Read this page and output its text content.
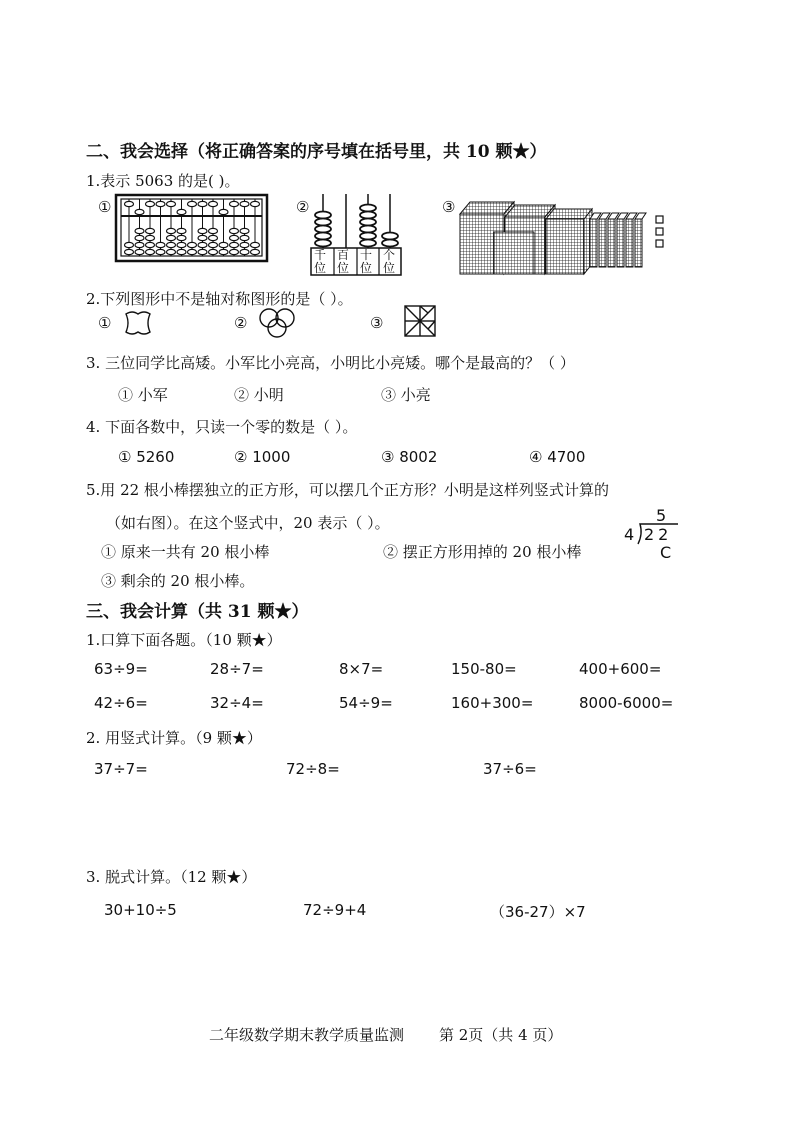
二、我会选择（将正确答案的序号填在括号里，共 10 颗★）
1.表示 5063 的是( )。
①	②
千位
百位
十位
个位
③
2.下列图形中不是轴对称图形的是（ ）。
①	②	③
3. 三位同学比高矮。小军比小亮高，小明比小亮矮。哪个是最高的？（ ）
① 小军	② 小明	③ 小亮
4. 下面各数中，只读一个零的数是（ ）。
① 5260	② 1000	③ 8002	④ 4700
5.用 22 根小棒摆独立的正方形，可以摆几个正方形？小明是这样列竖式计算的
（如右图）。在这个竖式中，20 表示（ ）。
① 原来一共有 20 根小棒	② 摆正方形用掉的 20 根小棒
③ 剩余的 20 根小棒。
5
4 22
C
三、我会计算（共 31 颗★）
1.口算下面各题。（10 颗★）
63÷9=	28÷7=	8×7=	150-80=	400+600=
42÷6=	32÷4=	54÷9=	160+300=	8000-6000=
2. 用竖式计算。（9 颗★）
37÷7=	72÷8=	37÷6=
3. 脱式计算。（12 颗★）
30+10÷5	72÷9+4	（36-27）×7
二年级数学期末教学质量监测 第 2页（共 4 页）
